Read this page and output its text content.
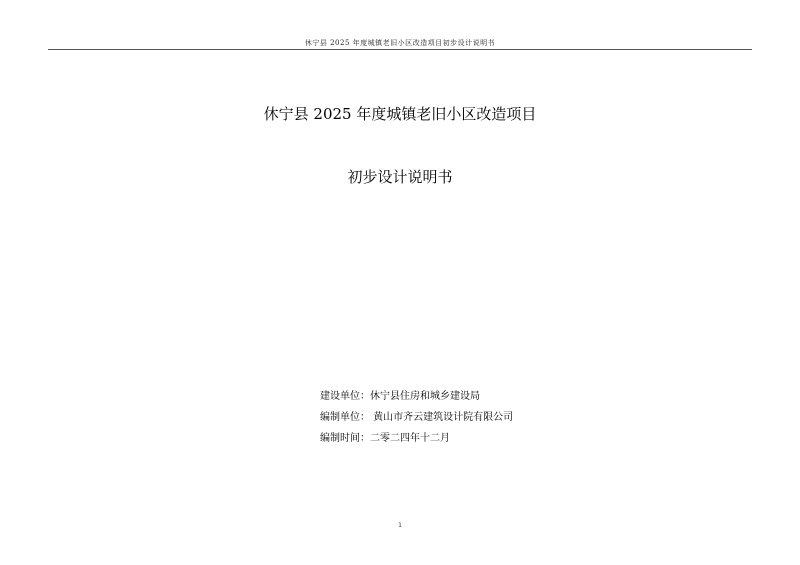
休宁县 2025 年度城镇老旧小区改造项目初步设计说明书
休宁县 2025 年度城镇老旧小区改造项目
初步设计说明书
建设单位：休宁县住房和城乡建设局
编制单位： 黄山市齐云建筑设计院有限公司
编制时间：二零二四年十二月
1
